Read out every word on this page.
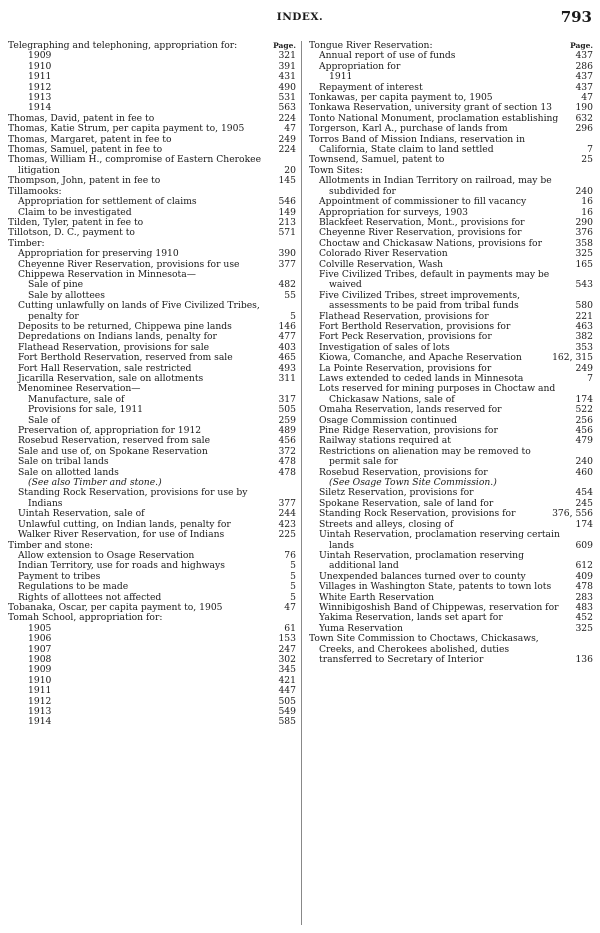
INDEX.	793
Telegraphing and telephoning, appropriation for:	Page.
1909	321
1910	391
1911	431
1912	490
1913	531
1914	563
Thomas, David, patent in fee to	224
Thomas, Katie Strum, per capita payment to, 1905	47
Thomas, Margaret, patent in fee to	249
Thomas, Samuel, patent in fee to	224
Thomas, William H., compromise of Eastern Cherokee litigation	20
Thompson, John, patent in fee to	145
Tillamooks:
Appropriation for settlement of claims	546
Claim to be investigated	149
Tilden, Tyler, patent in fee to	213
Tillotson, D. C., payment to	571
Timber:
Appropriation for preserving 1910	390
Cheyenne River Reservation, provisions for use	377
Chippewa Reservation in Minnesota—
Sale of pine	482
Sale by allottees	55
Cutting unlawfully on lands of Five Civilized Tribes, penalty for	5
Deposits to be returned, Chippewa pine lands	146
Depredations on Indians lands, penalty for	477
Flathead Reservation, provisions for sale	403
Fort Berthold Reservation, reserved from sale	465
Fort Hall Reservation, sale restricted	493
Jicarilla Reservation, sale on allotments	311
Menominee Reservation—
Manufacture, sale of	317
Provisions for sale, 1911	505
Sale of	259
Preservation of, appropriation for 1912	489
Rosebud Reservation, reserved from sale	456
Sale and use of, on Spokane Reservation	372
Sale on tribal lands	478
Sale on allotted lands	478
(See also Timber and stone.)
Standing Rock Reservation, provisions for use by Indians	377
Uintah Reservation, sale of	244
Unlawful cutting, on Indian lands, penalty for	423
Walker River Reservation, for use of Indians	225
Timber and stone:
Allow extension to Osage Reservation	76
Indian Territory, use for roads and highways	5
Payment to tribes	5
Regulations to be made	5
Rights of allottees not affected	5
Tobanaka, Oscar, per capita payment to, 1905	47
Tomah School, appropriation for:
1905	61
1906	153
1907	247
1908	302
1909	345
1910	421
1911	447
1912	505
1913	549
1914	585
Tongue River Reservation:	Page.
Annual report of use of funds	437
Appropriation for	286
1911	437
Repayment of interest	437
Tonkawas, per capita payment to, 1905	47
Tonkawa Reservation, university grant of section 13	190
Tonto National Monument, proclamation establishing	632
Torgerson, Karl A., purchase of lands from	296
Torros Band of Mission Indians, reservation in California, State claim to land settled	7
Townsend, Samuel, patent to	25
Town Sites:
Allotments in Indian Territory on railroad, may be subdivided for	240
Appointment of commissioner to fill vacancy	16
Appropriation for surveys, 1903	16
Blackfeet Reservation, Mont., provisions for	290
Cheyenne River Reservation, provisions for	376
Choctaw and Chickasaw Nations, provisions for	358
Colorado River Reservation	325
Colville Reservation, Wash	165
Five Civilized Tribes, default in payments may be waived	543
Five Civilized Tribes, street improvements, assessments to be paid from tribal funds	580
Flathead Reservation, provisions for	221
Fort Berthold Reservation, provisions for	463
Fort Peck Reservation, provisions for	382
Investigation of sales of lots	353
Kiowa, Comanche, and Apache Reservation	162, 315
La Pointe Reservation, provisions for	249
Laws extended to ceded lands in Minnesota	7
Lots reserved for mining purposes in Choctaw and Chickasaw Nations, sale of	174
Omaha Reservation, lands reserved for	522
Osage Commission continued	256
Pine Ridge Reservation, provisions for	456
Railway stations required at	479
Restrictions on alienation may be removed to permit sale for	240
Rosebud Reservation, provisions for	460
(See Osage Town Site Commission.)
Siletz Reservation, provisions for	454
Spokane Reservation, sale of land for	245
Standing Rock Reservation, provisions for	376, 556
Streets and alleys, closing of	174
Uintah Reservation, proclamation reserving certain lands	609
Uintah Reservation, proclamation reserving additional land	612
Unexpended balances turned over to county	409
Villages in Washington State, patents to town lots	478
White Earth Reservation	283
Winnibigoshish Band of Chippewas, reservation for	483
Yakima Reservation, lands set apart for	452
Yuma Reservation	325
Town Site Commission to Choctaws, Chickasaws, Creeks, and Cherokees abolished, duties transferred to Secretary of Interior	136
